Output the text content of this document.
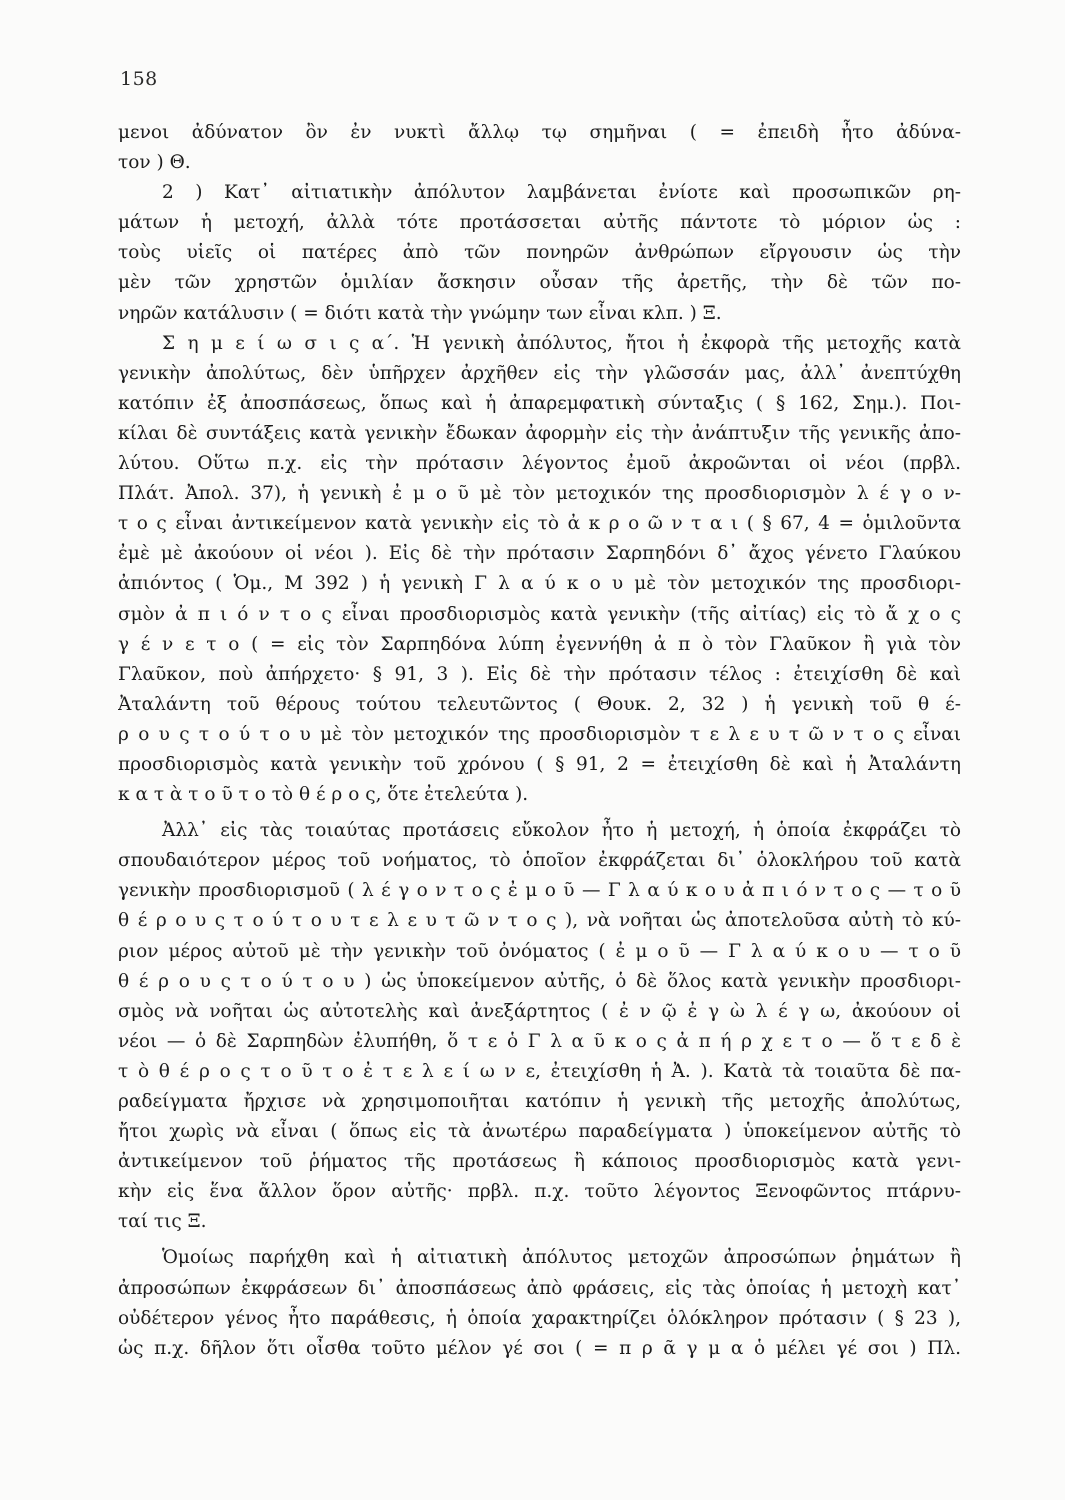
158
μενοι ἀδύνατον ὂν ἐν νυκτὶ ἄλλῳ τῳ σημῆναι ( = ἐπειδὴ ἦτο ἀδύνα-
τον ) Θ.
2 ) Κατ᾽ αἰτιατικὴν ἀπόλυτον λαμβάνεται ἐνίοτε καὶ προσωπικῶν ρη-
μάτων ἡ μετοχή, ἀλλὰ τότε προτάσσεται αὐτῆς πάντοτε τὸ μόριον ὡς :
τοὺς υἱεῖς οἱ πατέρες ἀπὸ τῶν πονηρῶν ἀνθρώπων εἴργουσιν ὡς τὴν
μὲν τῶν χρηστῶν ὁμιλίαν ἄσκησιν οὖσαν τῆς ἀρετῆς, τὴν δὲ τῶν πο-
νηρῶν κατάλυσιν ( = διότι κατὰ τὴν γνώμην των εἶναι κλπ. ) Ξ.
Σ η μ ε ί ω σ ι ς α΄. Ἡ γενικὴ ἀπόλυτος, ἤτοι ἡ ἐκφορὰ τῆς μετοχῆς κατὰ
γενικὴν ἀπολύτως, δὲν ὑπῆρχεν ἀρχῆθεν εἰς τὴν γλῶσσάν μας, ἀλλ᾽ ἀνεπτύχθη
κατόπιν ἐξ ἀποσπάσεως, ὅπως καὶ ἡ ἀπαρεμφατικὴ σύνταξις ( § 162, Σημ.). Ποι-
κίλαι δὲ συντάξεις κατὰ γενικὴν ἔδωκαν ἀφορμὴν εἰς τὴν ἀνάπτυξιν τῆς γενικῆς ἀπο-
λύτου. Οὕτω π.χ. εἰς τὴν πρότασιν λέγοντος ἐμοῦ ἀκροῶνται οἱ νέοι (πρβλ.
Πλάτ. Ἀπολ. 37), ἡ γενικὴ ἐ μ ο ῦ μὲ τὸν μετοχικόν της προσδιορισμὸν λ έ γ ο ν-
τ ο ς εἶναι ἀντικείμενον κατὰ γενικὴν εἰς τὸ ἀ κ ρ ο ῶ ν τ α ι ( § 67, 4 = ὁμιλοῦντα
ἐμὲ μὲ ἀκούουν οἱ νέοι ). Εἰς δὲ τὴν πρότασιν Σαρπηδόνι δ᾽ ἄχος γένετο Γλαύκου
ἀπιόντος ( Ὁμ., Μ 392 ) ἡ γενικὴ Γ λ α ύ κ ο υ μὲ τὸν μετοχικόν της προσδιορι-
σμὸν ἀ π ι ό ν τ ο ς εἶναι προσδιορισμὸς κατὰ γενικὴν (τῆς αἰτίας) εἰς τὸ ἄ χ ο ς
γ έ ν ε τ ο ( = εἰς τὸν Σαρπηδόνα λύπη ἐγεννήθη ἀ π ὸ τὸν Γλαῦκον ἢ γιὰ τὸν
Γλαῦκον, ποὺ ἀπήρχετο· § 91, 3 ). Εἰς δὲ τὴν πρότασιν τέλος : ἐτειχίσθη δὲ καὶ
Ἀταλάντη τοῦ θέρους τούτου τελευτῶντος ( Θουκ. 2, 32 ) ἡ γενικὴ τοῦ θ έ-
ρ ο υ ς τ ο ύ τ ο υ μὲ τὸν μετοχικόν της προσδιορισμὸν τ ε λ ε υ τ ῶ ν τ ο ς εἶναι
προσδιορισμὸς κατὰ γενικὴν τοῦ χρόνου ( § 91, 2 = ἐτειχίσθη δὲ καὶ ἡ Ἀταλάντη
κ α τ ὰ τ ο ῦ τ ο τὸ θ έ ρ ο ς, ὅτε ἐτελεύτα ).
Ἀλλ᾽ εἰς τὰς τοιαύτας προτάσεις εὔκολον ἦτο ἡ μετοχή, ἡ ὁποία ἐκφράζει τὸ
σπουδαιότερον μέρος τοῦ νοήματος, τὸ ὁποῖον ἐκφράζεται δι᾽ ὁλοκλήρου τοῦ κατὰ
γενικὴν προσδιορισμοῦ ( λ έ γ ο ν τ ο ς ἐ μ ο ῦ — Γ λ α ύ κ ο υ ἀ π ι ό ν τ ο ς — τ ο ῦ
θ έ ρ ο υ ς τ ο ύ τ ο υ τ ε λ ε υ τ ῶ ν τ ο ς ), νὰ νοῆται ὡς ἀποτελοῦσα αὐτὴ τὸ κύ-
ριον μέρος αὐτοῦ μὲ τὴν γενικὴν τοῦ ὀνόματος ( ἐ μ ο ῦ — Γ λ α ύ κ ο υ — τ ο ῦ
θ έ ρ ο υ ς τ ο ύ τ ο υ ) ὡς ὑποκείμενον αὐτῆς, ὁ δὲ ὅλος κατὰ γενικὴν προσδιορι-
σμὸς νὰ νοῆται ὡς αὐτοτελὴς καὶ ἀνεξάρτητος ( ἐ ν ῷ ἐ γ ὼ λ έ γ ω, ἀκούουν οἱ
νέοι — ὁ δὲ Σαρπηδὼν ἐλυπήθη, ὅ τ ε ὁ Γ λ α ῦ κ ο ς ἀ π ή ρ χ ε τ ο — ὅ τ ε δ ὲ
τ ὸ θ έ ρ ο ς τ ο ῦ τ ο ἐ τ ε λ ε ί ω ν ε, ἐτειχίσθη ἡ Ἀ. ). Κατὰ τὰ τοιαῦτα δὲ πα-
ραδείγματα ἤρχισε νὰ χρησιμοποιῆται κατόπιν ἡ γενικὴ τῆς μετοχῆς ἀπολύτως,
ἤτοι χωρὶς νὰ εἶναι ( ὅπως εἰς τὰ ἀνωτέρω παραδείγματα ) ὑποκείμενον αὐτῆς τὸ
ἀντικείμενον τοῦ ῥήματος τῆς προτάσεως ἢ κάποιος προσδιορισμὸς κατὰ γενι-
κὴν εἰς ἕνα ἄλλον ὅρον αὐτῆς· πρβλ. π.χ. τοῦτο λέγοντος Ξενοφῶντος πτάρνυ-
ταί τις Ξ.
Ὁμοίως παρήχθη καὶ ἡ αἰτιατικὴ ἀπόλυτος μετοχῶν ἀπροσώπων ῥημάτων ἢ
ἀπροσώπων ἐκφράσεων δι᾽ ἀποσπάσεως ἀπὸ φράσεις, εἰς τὰς ὁποίας ἡ μετοχὴ κατ᾽
οὐδέτερον γένος ἦτο παράθεσις, ἡ ὁποία χαρακτηρίζει ὁλόκληρον πρότασιν ( § 23 ),
ὡς π.χ. δῆλον ὅτι οἶσθα τοῦτο μέλον γέ σοι ( = π ρ ᾶ γ μ α ὁ μέλει γέ σοι ) Πλ.
